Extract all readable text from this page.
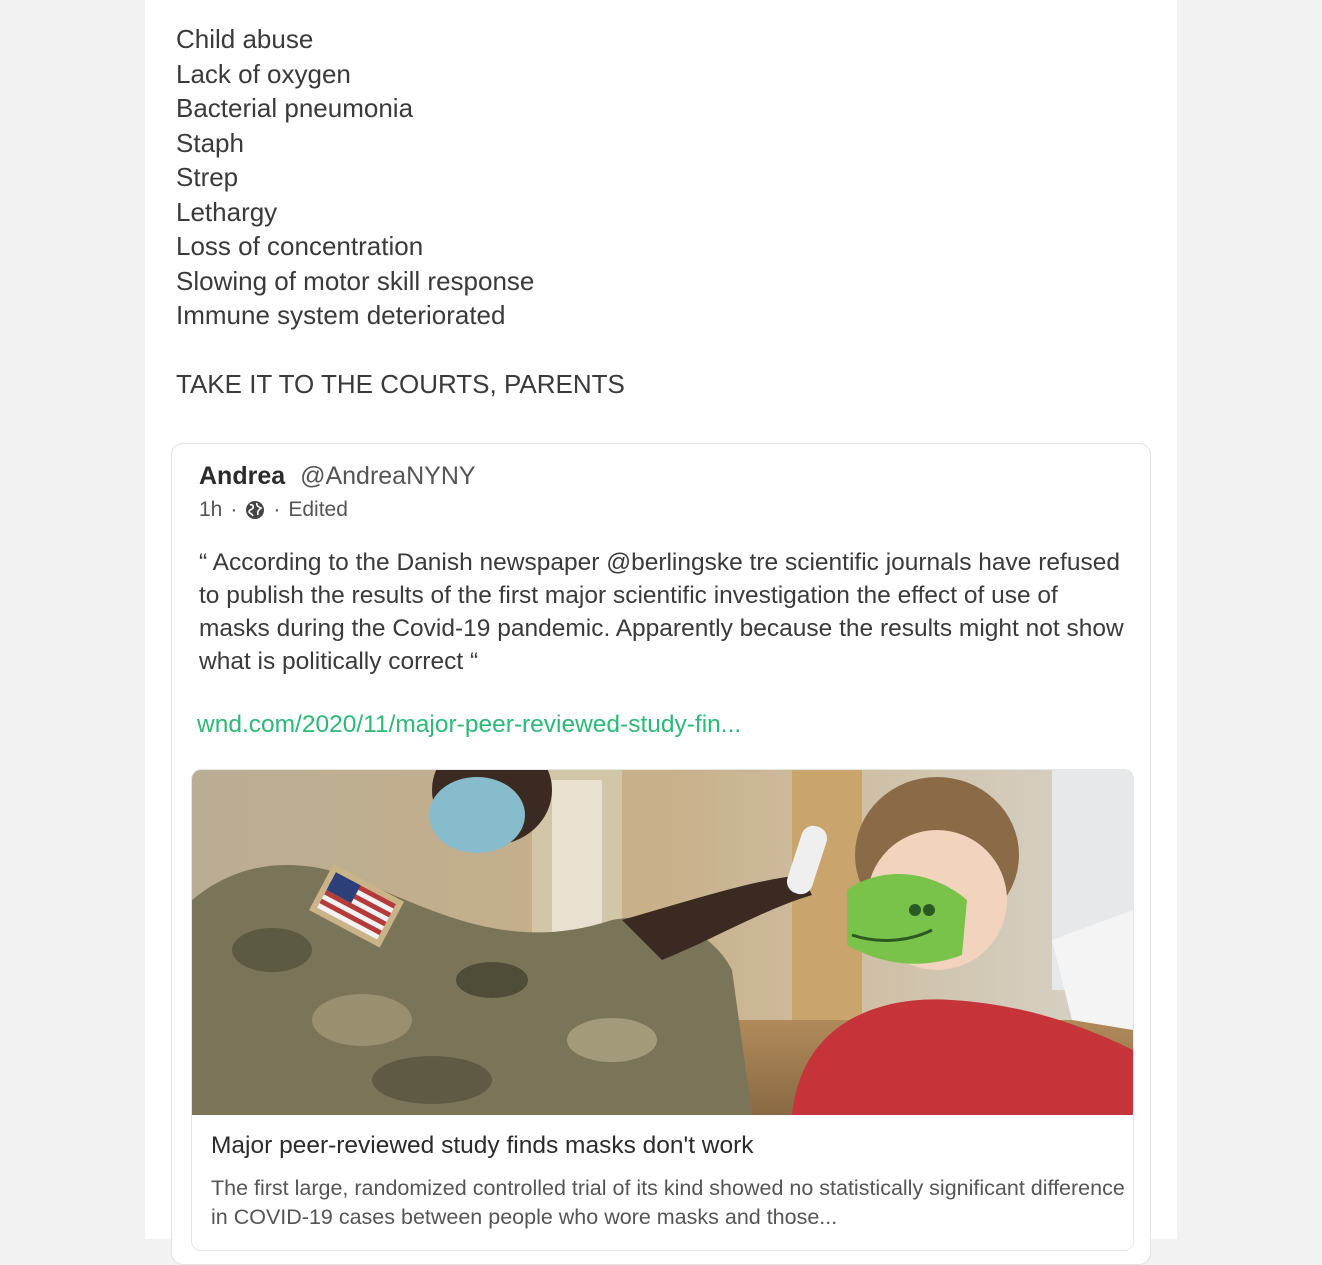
Child abuse
Lack of oxygen
Bacterial pneumonia
Staph
Strep
Lethargy
Loss of concentration
Slowing of motor skill response
Immune system deteriorated
TAKE IT TO THE COURTS, PARENTS
Andrea @AndreaNYNY
1h · · Edited
“ According to the Danish newspaper @berlingske tre scientific journals have refused to publish the results of the first major scientific investigation the effect of use of masks during the Covid-19 pandemic. Apparently because the results might not show what is politically correct “
wnd.com/2020/11/major-peer-reviewed-study-fin...
Major peer-reviewed study finds masks don't work
The first large, randomized controlled trial of its kind showed no statistically significant difference in COVID-19 cases between people who wore masks and those...
